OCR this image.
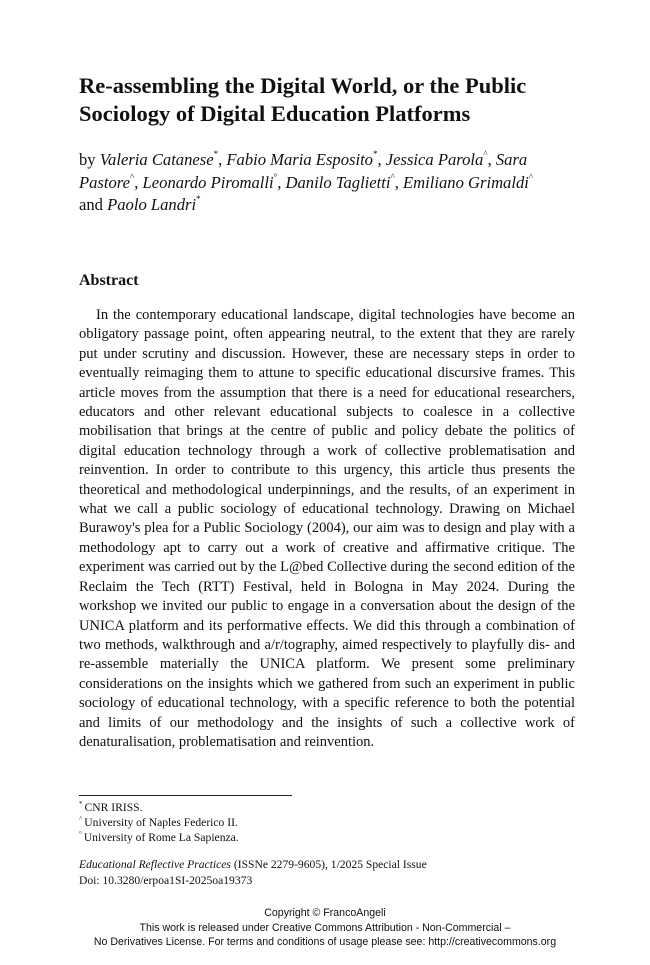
Re-assembling the Digital World, or the Public Sociology of Digital Education Platforms

by Valeria Catanese*, Fabio Maria Esposito*, Jessica Parola^, Sara Pastore^, Leonardo Piromalli°, Danilo Taglietti^, Emiliano Grimaldi^
and Paolo Landri*

Abstract

In the contemporary educational landscape, digital technologies have become an obligatory passage point, often appearing neutral, to the extent that they are rarely put under scrutiny and discussion. However, these are necessary steps in order to eventually reimaging them to attune to specific educational discursive frames. This article moves from the assumption that there is a need for educational researchers, educators and other relevant educational subjects to coalesce in a collective mobilisation that brings at the centre of public and policy debate the politics of digital education technology through a work of collective problematisation and reinvention. In order to contribute to this urgency, this article thus presents the theoretical and methodological underpinnings, and the results, of an experiment in what we call a public sociology of educational technology. Drawing on Michael Burawoy's plea for a Public Sociology (2004), our aim was to design and play with a methodology apt to carry out a work of creative and affirmative critique. The experiment was carried out by the L@bed Collective during the second edition of the Reclaim the Tech (RTT) Festival, held in Bologna in May 2024. During the workshop we invited our public to engage in a conversation about the design of the UNICA platform and its performative effects. We did this through a combination of two methods, walkthrough and a/r/tography, aimed respectively to playfully dis- and re-assemble materially the UNICA platform. We present some preliminary considerations on the insights which we gathered from such an experiment in public sociology of educational technology, with a specific reference to both the potential and limits of our methodology and the insights of such a collective work of denaturalisation, problematisation and reinvention.

* CNR IRISS.
^ University of Naples Federico II.
° University of Rome La Sapienza.

Educational Reflective Practices (ISSNe 2279-9605), 1/2025 Special Issue
Doi: 10.3280/erpoa1SI-2025oa19373

Copyright © FrancoAngeli
This work is released under Creative Commons Attribution - Non-Commercial –
No Derivatives License. For terms and conditions of usage please see: http://creativecommons.org
